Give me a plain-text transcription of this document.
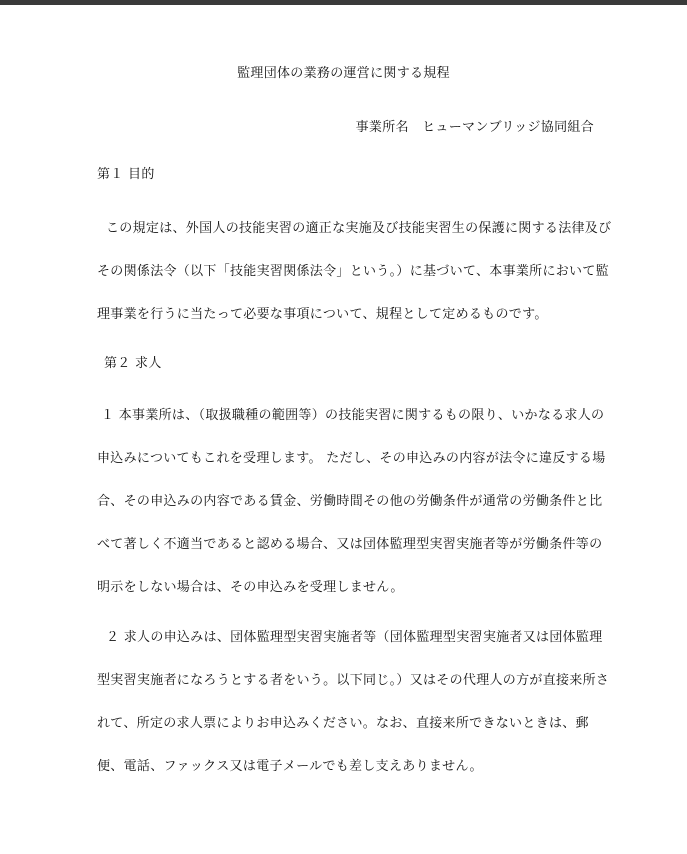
監理団体の業務の運営に関する規程
事業所名　ヒューマンブリッジ協同組合
第１ 目的
この規定は、外国人の技能実習の適正な実施及び技能実習生の保護に関する法律及び
その関係法令（以下「技能実習関係法令」という。）に基づいて、本事業所において監
理事業を行うに当たって必要な事項について、規程として定めるものです。
第２ 求人
１ 本事業所は、（取扱職種の範囲等）の技能実習に関するもの限り、いかなる求人の
申込みについてもこれを受理します。 ただし、その申込みの内容が法令に違反する場
合、その申込みの内容である賃金、労働時間その他の労働条件が通常の労働条件と比
べて著しく不適当であると認める場合、又は団体監理型実習実施者等が労働条件等の
明示をしない場合は、その申込みを受理しません。
２ 求人の申込みは、団体監理型実習実施者等（団体監理型実習実施者又は団体監理
型実習実施者になろうとする者をいう。以下同じ。）又はその代理人の方が直接来所さ
れて、所定の求人票によりお申込みください。なお、直接来所できないときは、郵
便、電話、ファックス又は電子メールでも差し支えありません。
